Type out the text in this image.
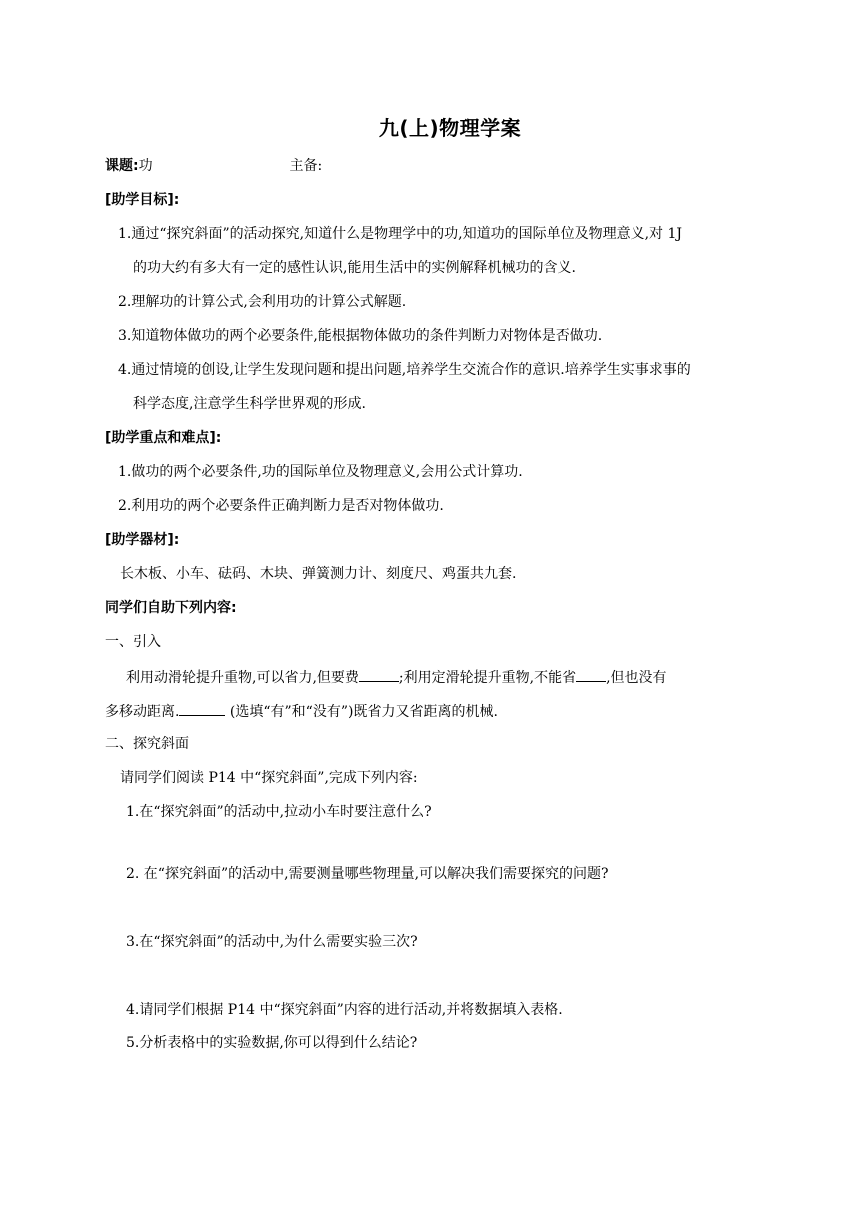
九(上)物理学案
课题:功	主备:
[助学目标]:
1.通过“探究斜面”的活动探究,知道什么是物理学中的功,知道功的国际单位及物理意义,对 1J
的功大约有多大有一定的感性认识,能用生活中的实例解释机械功的含义.
2.理解功的计算公式,会利用功的计算公式解题.
3.知道物体做功的两个必要条件,能根据物体做功的条件判断力对物体是否做功.
4.通过情境的创设,让学生发现问题和提出问题,培养学生交流合作的意识.培养学生实事求事的
科学态度,注意学生科学世界观的形成.
[助学重点和难点]:
1.做功的两个必要条件,功的国际单位及物理意义,会用公式计算功.
2.利用功的两个必要条件正确判断力是否对物体做功.
[助学器材]:
长木板、小车、砝码、木块、弹簧测力计、刻度尺、鸡蛋共九套.
同学们自助下列内容:
一、引入
利用动滑轮提升重物,可以省力,但要费	;利用定滑轮提升重物,不能省 ,但也没有
多移动距离.	(选填“有”和“没有”)既省力又省距离的机械.
二、探究斜面
请同学们阅读 P14 中“探究斜面”,完成下列内容:
1.在“探究斜面”的活动中,拉动小车时要注意什么?
2. 在“探究斜面”的活动中,需要测量哪些物理量,可以解决我们需要探究的问题?
3.在“探究斜面”的活动中,为什么需要实验三次?
4.请同学们根据 P14 中“探究斜面”内容的进行活动,并将数据填入表格.
5.分析表格中的实验数据,你可以得到什么结论?
